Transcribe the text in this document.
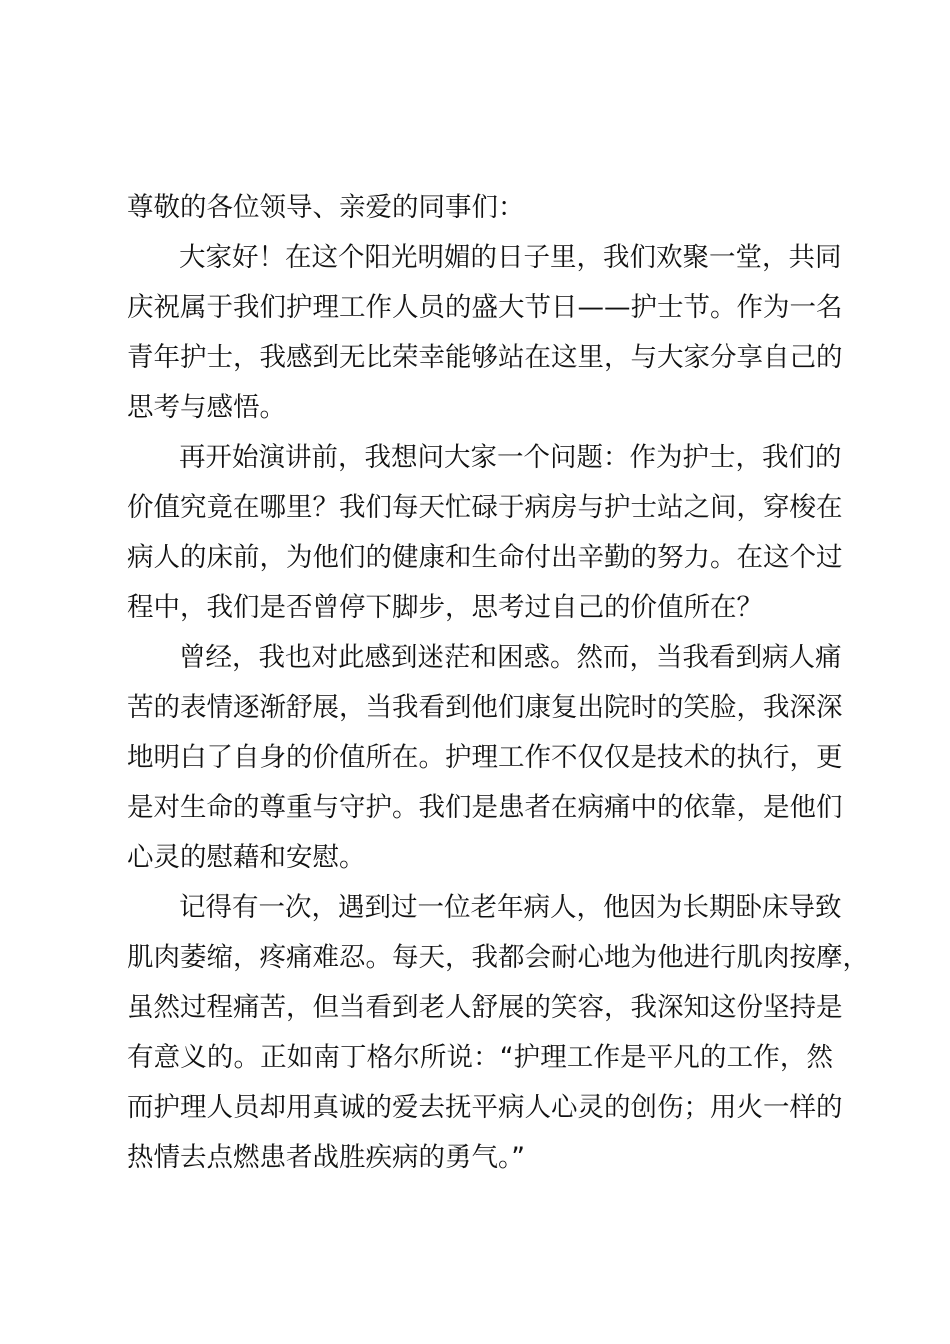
尊敬的各位领导、亲爱的同事们：
大家好！在这个阳光明媚的日子里，我们欢聚一堂，共同
庆祝属于我们护理工作人员的盛大节日——护士节。作为一名
青年护士，我感到无比荣幸能够站在这里，与大家分享自己的
思考与感悟。
再开始演讲前，我想问大家一个问题：作为护士，我们的
价值究竟在哪里？我们每天忙碌于病房与护士站之间，穿梭在
病人的床前，为他们的健康和生命付出辛勤的努力。在这个过
程中，我们是否曾停下脚步，思考过自己的价值所在？
曾经，我也对此感到迷茫和困惑。然而，当我看到病人痛
苦的表情逐渐舒展，当我看到他们康复出院时的笑脸，我深深
地明白了自身的价值所在。护理工作不仅仅是技术的执行，更
是对生命的尊重与守护。我们是患者在病痛中的依靠，是他们
心灵的慰藉和安慰。
记得有一次，遇到过一位老年病人，他因为长期卧床导致
肌肉萎缩，疼痛难忍。每天，我都会耐心地为他进行肌肉按摩，
虽然过程痛苦，但当看到老人舒展的笑容，我深知这份坚持是
有意义的。正如南丁格尔所说：“护理工作是平凡的工作，然
而护理人员却用真诚的爱去抚平病人心灵的创伤；用火一样的
热情去点燃患者战胜疾病的勇气。”
